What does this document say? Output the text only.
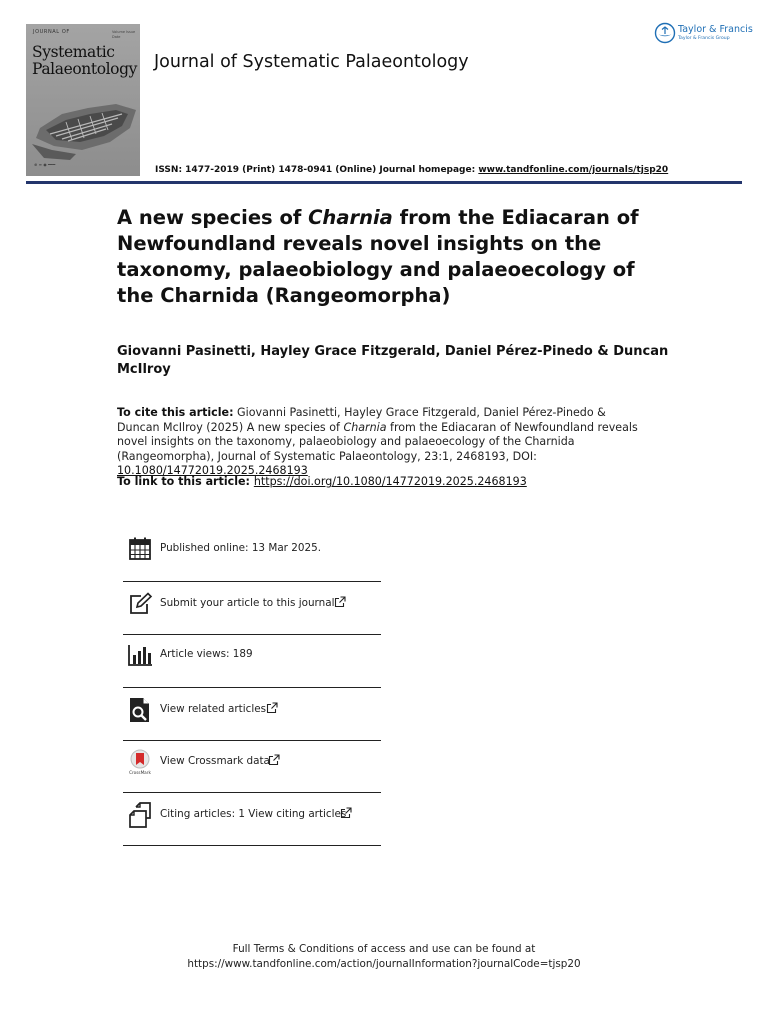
JOURNAL OF	Volume Issue Date
Systematic
Palaeontology
⊕ ≡ ◉ ═══
Journal of Systematic Palaeontology
Taylor & Francis
Taylor & Francis Group
ISSN: 1477-2019 (Print) 1478-0941 (Online) Journal homepage: www.tandfonline.com/journals/tjsp20
A new species of Charnia from the Ediacaran of Newfoundland reveals novel insights on the taxonomy, palaeobiology and palaeoecology of the Charnida (Rangeomorpha)
Giovanni Pasinetti, Hayley Grace Fitzgerald, Daniel Pérez-Pinedo & Duncan McIlroy
To cite this article: Giovanni Pasinetti, Hayley Grace Fitzgerald, Daniel Pérez-Pinedo & Duncan McIlroy (2025) A new species of Charnia from the Ediacaran of Newfoundland reveals novel insights on the taxonomy, palaeobiology and palaeoecology of the Charnida (Rangeomorpha), Journal of Systematic Palaeontology, 23:1, 2468193, DOI: 10.1080/14772019.2025.2468193
To link to this article: https://doi.org/10.1080/14772019.2025.2468193
Published online: 13 Mar 2025.
Submit your article to this journal
Article views: 189
View related articles
CrossMark
View Crossmark data
Citing articles: 1 View citing articles
Full Terms & Conditions of access and use can be found at
https://www.tandfonline.com/action/journalInformation?journalCode=tjsp20
